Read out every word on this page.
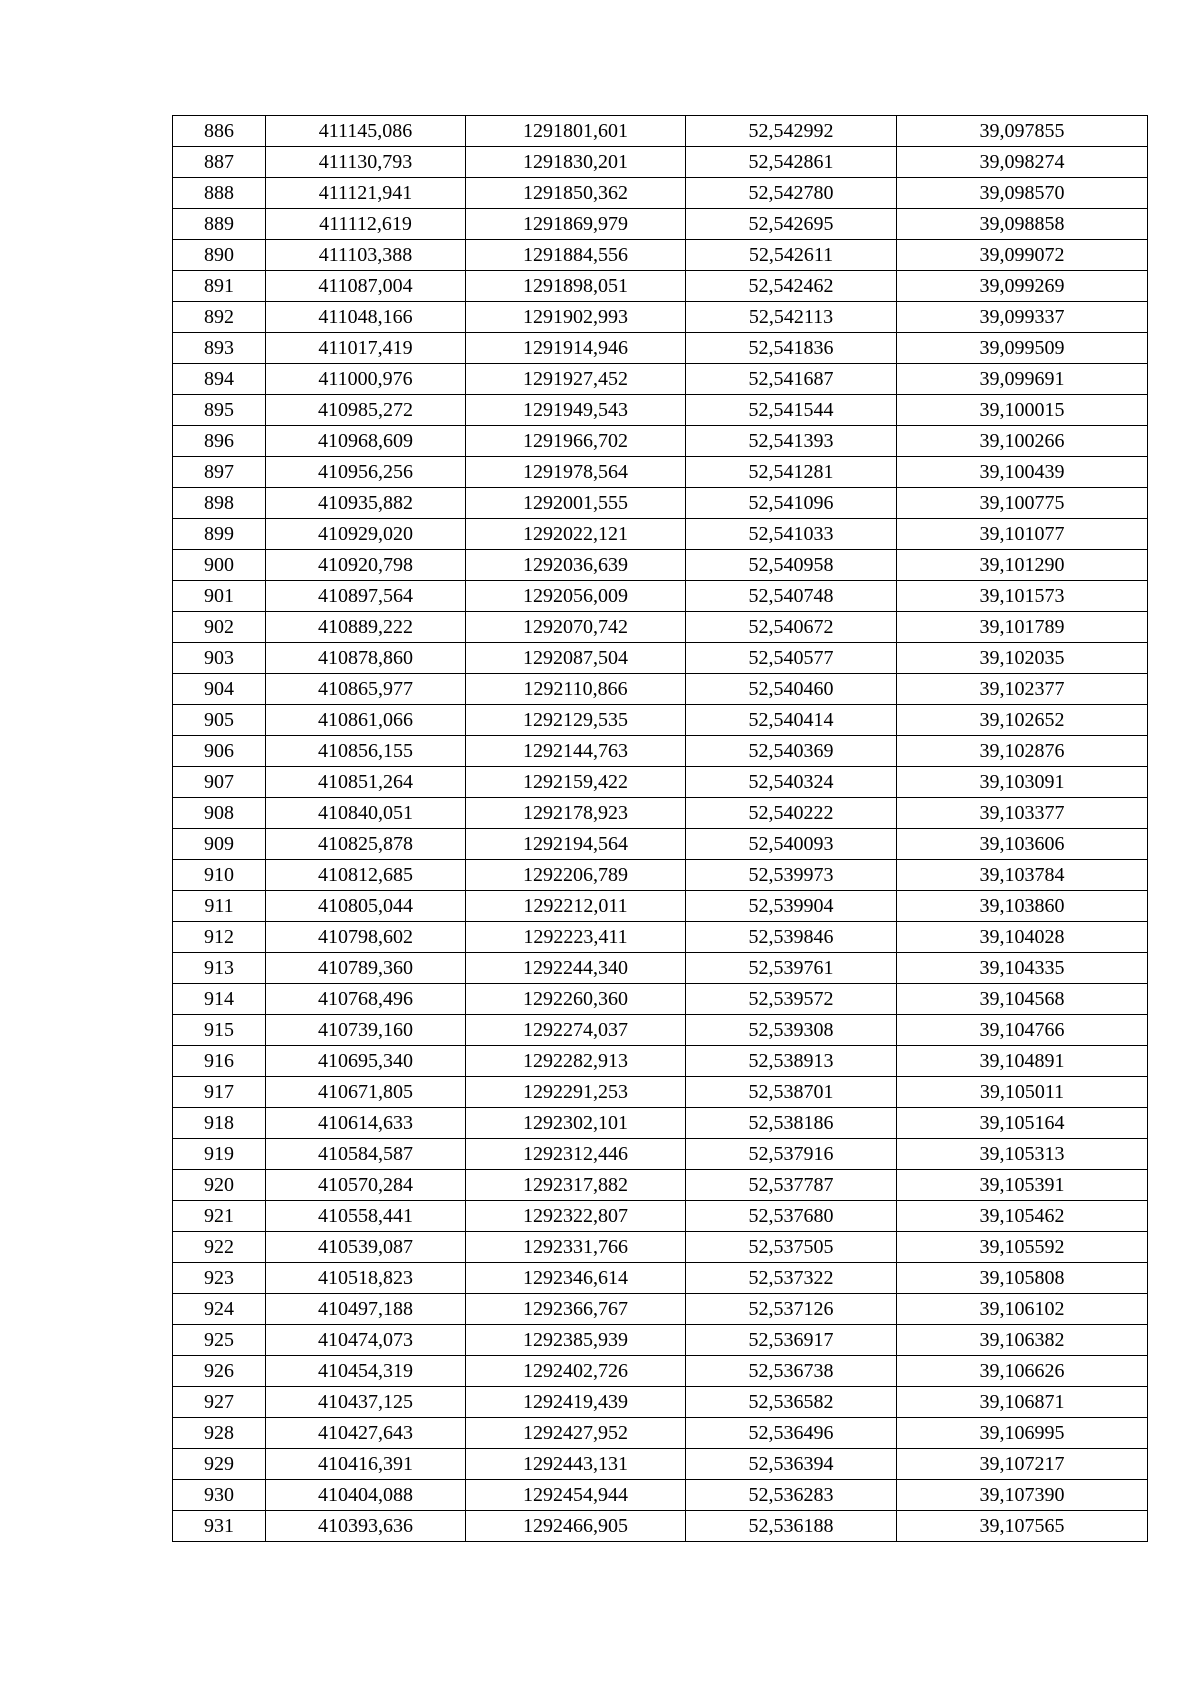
886	411145,086	1291801,601	52,542992	39,097855
887	411130,793	1291830,201	52,542861	39,098274
888	411121,941	1291850,362	52,542780	39,098570
889	411112,619	1291869,979	52,542695	39,098858
890	411103,388	1291884,556	52,542611	39,099072
891	411087,004	1291898,051	52,542462	39,099269
892	411048,166	1291902,993	52,542113	39,099337
893	411017,419	1291914,946	52,541836	39,099509
894	411000,976	1291927,452	52,541687	39,099691
895	410985,272	1291949,543	52,541544	39,100015
896	410968,609	1291966,702	52,541393	39,100266
897	410956,256	1291978,564	52,541281	39,100439
898	410935,882	1292001,555	52,541096	39,100775
899	410929,020	1292022,121	52,541033	39,101077
900	410920,798	1292036,639	52,540958	39,101290
901	410897,564	1292056,009	52,540748	39,101573
902	410889,222	1292070,742	52,540672	39,101789
903	410878,860	1292087,504	52,540577	39,102035
904	410865,977	1292110,866	52,540460	39,102377
905	410861,066	1292129,535	52,540414	39,102652
906	410856,155	1292144,763	52,540369	39,102876
907	410851,264	1292159,422	52,540324	39,103091
908	410840,051	1292178,923	52,540222	39,103377
909	410825,878	1292194,564	52,540093	39,103606
910	410812,685	1292206,789	52,539973	39,103784
911	410805,044	1292212,011	52,539904	39,103860
912	410798,602	1292223,411	52,539846	39,104028
913	410789,360	1292244,340	52,539761	39,104335
914	410768,496	1292260,360	52,539572	39,104568
915	410739,160	1292274,037	52,539308	39,104766
916	410695,340	1292282,913	52,538913	39,104891
917	410671,805	1292291,253	52,538701	39,105011
918	410614,633	1292302,101	52,538186	39,105164
919	410584,587	1292312,446	52,537916	39,105313
920	410570,284	1292317,882	52,537787	39,105391
921	410558,441	1292322,807	52,537680	39,105462
922	410539,087	1292331,766	52,537505	39,105592
923	410518,823	1292346,614	52,537322	39,105808
924	410497,188	1292366,767	52,537126	39,106102
925	410474,073	1292385,939	52,536917	39,106382
926	410454,319	1292402,726	52,536738	39,106626
927	410437,125	1292419,439	52,536582	39,106871
928	410427,643	1292427,952	52,536496	39,106995
929	410416,391	1292443,131	52,536394	39,107217
930	410404,088	1292454,944	52,536283	39,107390
931	410393,636	1292466,905	52,536188	39,107565
